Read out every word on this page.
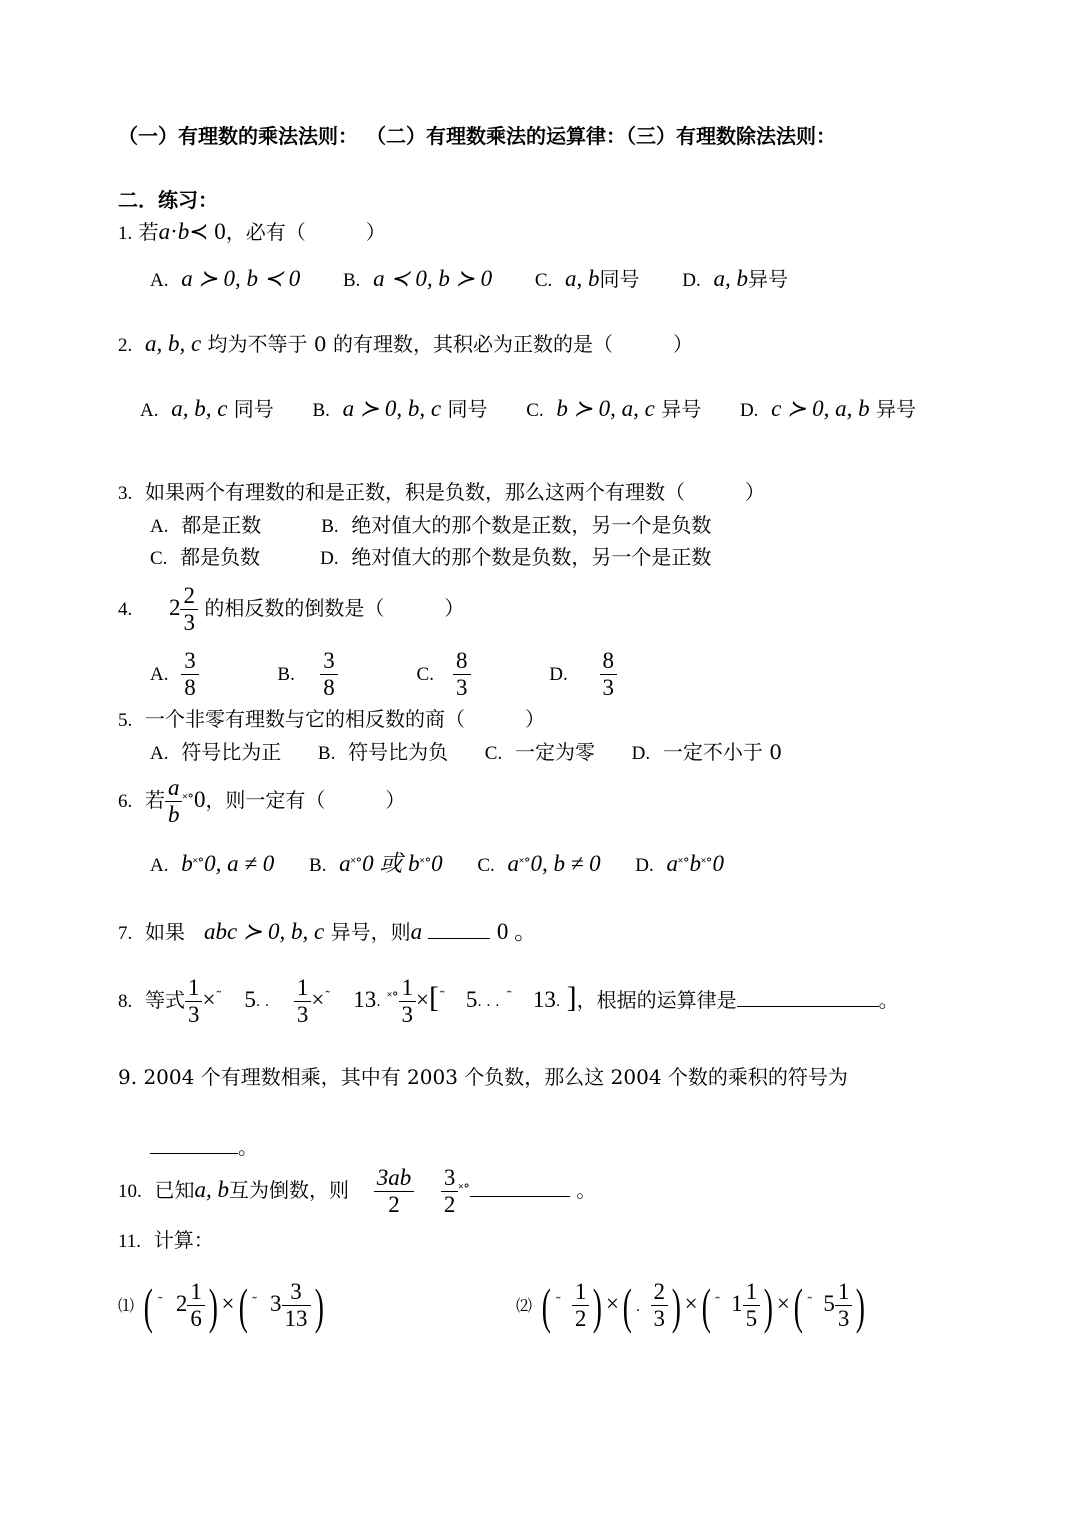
（一）有理数的乘法法则： （二）有理数乘法的运算律：（三）有理数除法法则：
二．练习：
1. 若a·b≺ 0，必有（　　　）
A. a ≻ 0, b ≺ 0 B. a ≺ 0, b ≻ 0 C. a, b同号 D. a, b异号
2. a, b, c 均为不等于 0 的有理数，其积必为正数的是（　　　）
A. a, b, c 同号 B. a ≻ 0, b, c 同号 C. b ≻ 0, a, c 异号 D. c ≻ 0, a, b 异号
3. 如果两个有理数的和是正数，积是负数，那么这两个有理数（　　　）
A. 都是正数	B. 绝对值大的那个数是正数，另一个是负数
C. 都是负数	D. 绝对值大的那个数是负数，另一个是正数
4. $2 \frac{2}{3}$ 的相反数的倒数是（　　　）
A. $\frac{3}{8}$	B. $\frac{3}{8}$	C. $\frac{8}{3}$	D. $\frac{8}{3}$
5. 一个非零有理数与它的相反数的商（　　　）
A. 符号比为正 B. 符号比为负 C. 一定为零 D. 一定不小于 0
6. 若 $\frac{a}{b} ^{˟^\circ}0$，则一定有（　　　）
A. b˟°0, a ≠ 0 B. a˟°0 或 b˟°0 C. a˟°0, b ≠ 0 D. a˟°b˟°0
7. 如果 abc ≻ 0, b, c 异号，则a	0 。
8. 等式 $\frac{1}{3} \times^˜$ 5. . $\frac{1}{3} \times^˜$ 13. $^{˟^\circ} \frac{1}{3} \times[^˜$ 5. . . ˜ 13. ]，根据的运算律是	。
9. 2004 个有理数相乘，其中有 2003 个负数，那么这 2004 个数的乘积的符号为
。
10. 已知a, b互为倒数，则 $\frac{3ab}{2}$
$\frac{3}{2} ^{˟^\circ}$	。
11. 计算：
⑴ ( ˜ $2 \frac{1}{6}$ ) ×( ˜ $3 \frac{3}{13}$ )	⑵ ( $^˜ \frac{1}{2}$ ) ×( . $\frac{2}{3}$ ) ×( ˜ $1 \frac{1}{5}$ ) ×( ˜ $5 \frac{1}{3}$ )
